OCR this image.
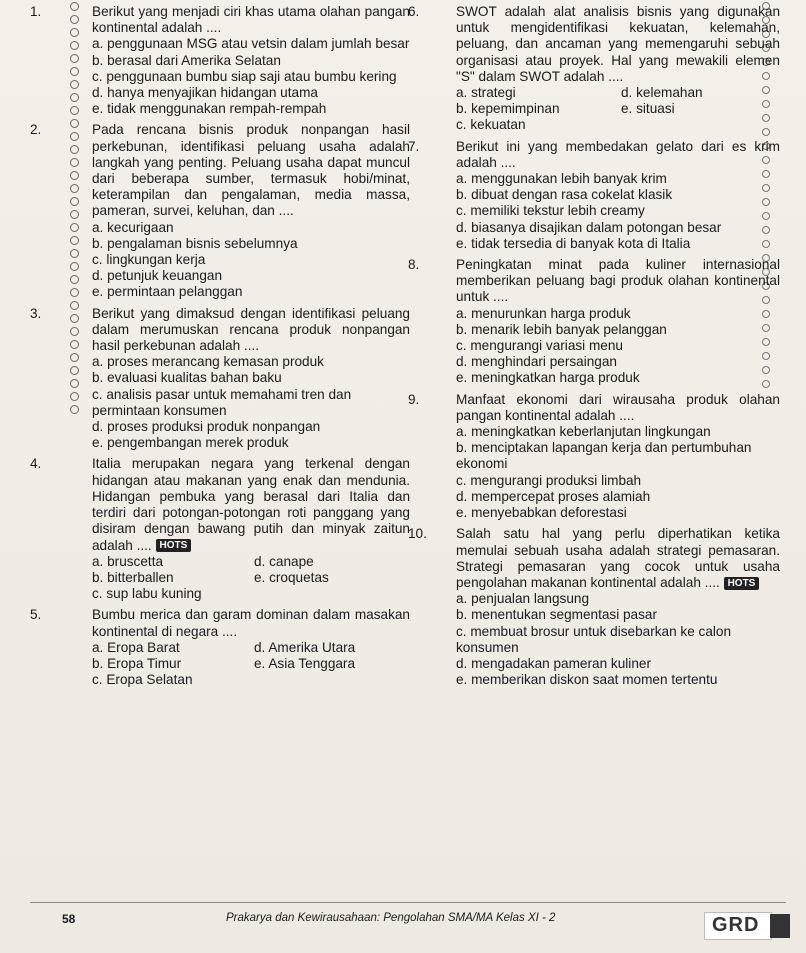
1.	Berikut yang menjadi ciri khas utama olahan pangan kontinental adalah ....
a. penggunaan MSG atau vetsin dalam jumlah besar
b. berasal dari Amerika Selatan
c. penggunaan bumbu siap saji atau bumbu kering
d. hanya menyajikan hidangan utama
e. tidak menggunakan rempah-rempah
2.	Pada rencana bisnis produk nonpangan hasil perkebunan, identifikasi peluang usaha adalah langkah yang penting. Peluang usaha dapat muncul dari beberapa sumber, termasuk hobi/minat, keterampilan dan pengalaman, media massa, pameran, survei, keluhan, dan ....
a. kecurigaan
b. pengalaman bisnis sebelumnya
c. lingkungan kerja
d. petunjuk keuangan
e. permintaan pelanggan
3.	Berikut yang dimaksud dengan identifikasi peluang dalam merumuskan rencana produk nonpangan hasil perkebunan adalah ....
a. proses merancang kemasan produk
b. evaluasi kualitas bahan baku
c. analisis pasar untuk memahami tren dan permintaan konsumen
d. proses produksi produk nonpangan
e. pengembangan merek produk
4.	Italia merupakan negara yang terkenal dengan hidangan atau makanan yang enak dan mendunia. Hidangan pembuka yang berasal dari Italia dan terdiri dari potongan-potongan roti panggang yang disiram dengan bawang putih dan minyak zaitun adalah .... HOTS
a. bruscetta	d. canape
b. bitterballen	e. croquetas
c. sup labu kuning
5.	Bumbu merica dan garam dominan dalam masakan kontinental di negara ....
a. Eropa Barat	d. Amerika Utara
b. Eropa Timur	e. Asia Tenggara
c. Eropa Selatan
6.	SWOT adalah alat analisis bisnis yang digunakan untuk mengidentifikasi kekuatan, kelemahan, peluang, dan ancaman yang memengaruhi sebuah organisasi atau proyek. Hal yang mewakili elemen "S" dalam SWOT adalah ....
a. strategi	d. kelemahan
b. kepemimpinan	e. situasi
c. kekuatan
7.	Berikut ini yang membedakan gelato dari es krim adalah ....
a. menggunakan lebih banyak krim
b. dibuat dengan rasa cokelat klasik
c. memiliki tekstur lebih creamy
d. biasanya disajikan dalam potongan besar
e. tidak tersedia di banyak kota di Italia
8.	Peningkatan minat pada kuliner internasional memberikan peluang bagi produk olahan kontinental untuk ....
a. menurunkan harga produk
b. menarik lebih banyak pelanggan
c. mengurangi variasi menu
d. menghindari persaingan
e. meningkatkan harga produk
9.	Manfaat ekonomi dari wirausaha produk olahan pangan kontinental adalah ....
a. meningkatkan keberlanjutan lingkungan
b. menciptakan lapangan kerja dan pertumbuhan ekonomi
c. mengurangi produksi limbah
d. mempercepat proses alamiah
e. menyebabkan deforestasi
10.	Salah satu hal yang perlu diperhatikan ketika memulai sebuah usaha adalah strategi pemasaran. Strategi pemasaran yang cocok untuk usaha pengolahan makanan kontinental adalah .... HOTS
a. penjualan langsung
b. menentukan segmentasi pasar
c. membuat brosur untuk disebarkan ke calon konsumen
d. mengadakan pameran kuliner
e. memberikan diskon saat momen tertentu
58	Prakarya dan Kewirausahaan: Pengolahan SMA/MA Kelas XI - 2	GRD
